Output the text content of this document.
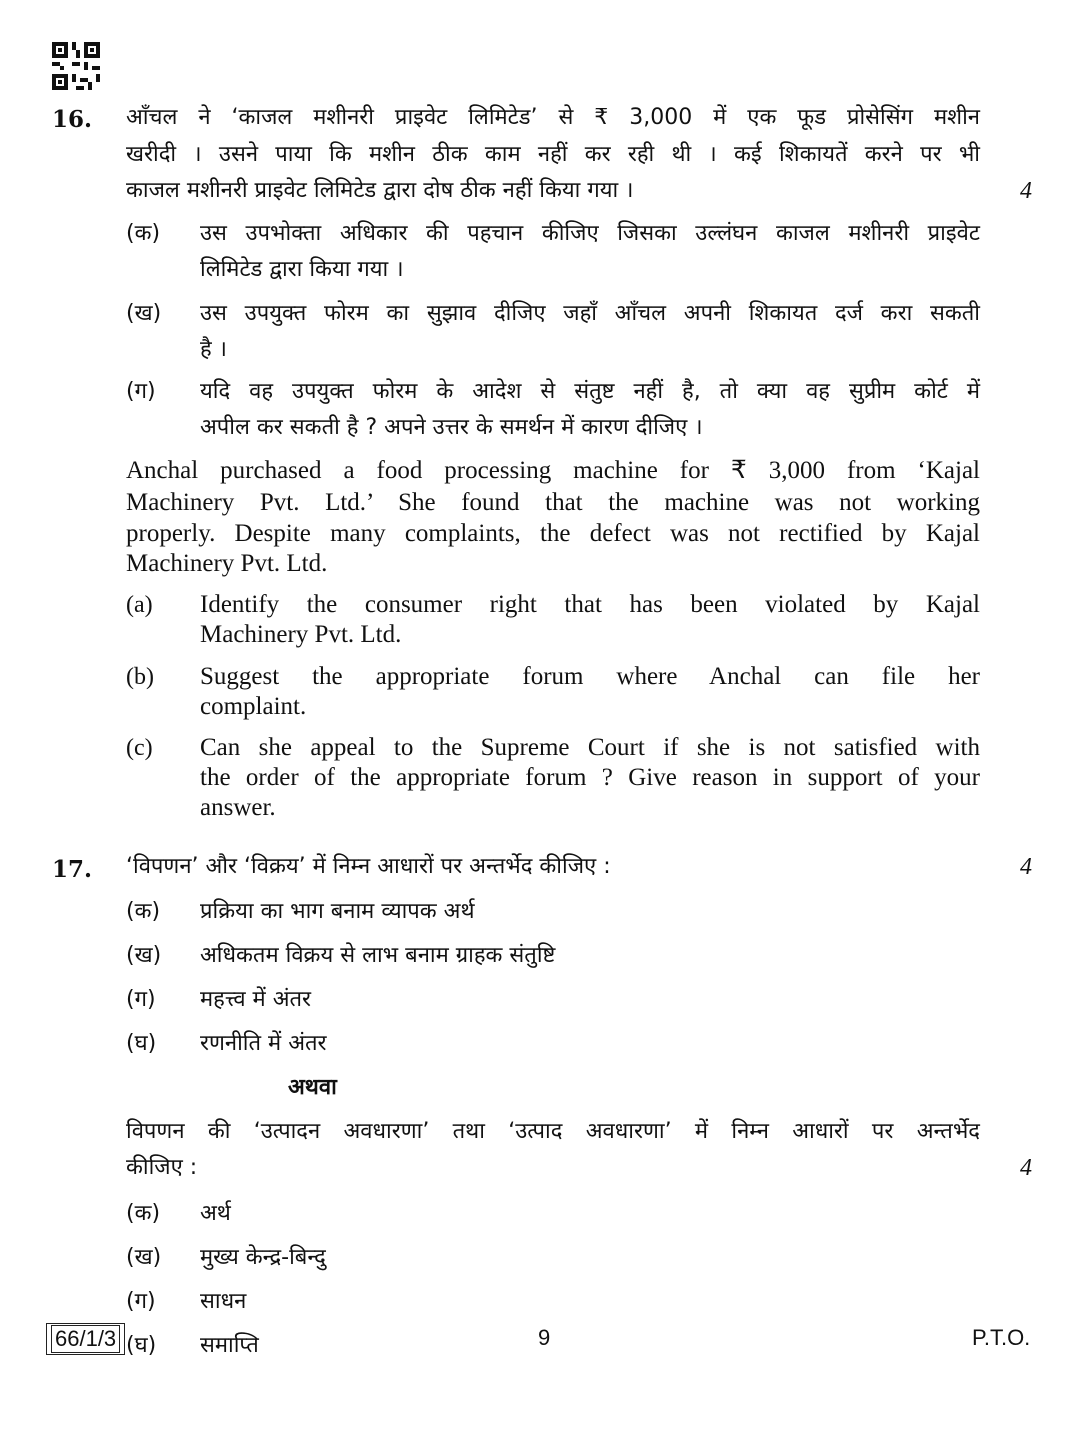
16. आँचल ने ‘काजल मशीनरी प्राइवेट लिमिटेड’ से ₹ 3,000 में एक फूड प्रोसेसिंग मशीन
खरीदी । उसने पाया कि मशीन ठीक काम नहीं कर रही थी । कई शिकायतें करने पर भी
काजल मशीनरी प्राइवेट लिमिटेड द्वारा दोष ठीक नहीं किया गया ।	4
(क) उस उपभोक्ता अधिकार की पहचान कीजिए जिसका उल्लंघन काजल मशीनरी प्राइवेट
लिमिटेड द्वारा किया गया ।
(ख) उस उपयुक्त फोरम का सुझाव दीजिए जहाँ आँचल अपनी शिकायत दर्ज करा सकती
है ।
(ग) यदि वह उपयुक्त फोरम के आदेश से संतुष्ट नहीं है, तो क्या वह सुप्रीम कोर्ट में
अपील कर सकती है ? अपने उत्तर के समर्थन में कारण दीजिए ।
Anchal purchased a food processing machine for ₹ 3,000 from ‘Kajal
Machinery Pvt. Ltd.’ She found that the machine was not working
properly. Despite many complaints, the defect was not rectified by Kajal
Machinery Pvt. Ltd.
(a) Identify the consumer right that has been violated by Kajal
Machinery Pvt. Ltd.
(b) Suggest the appropriate forum where Anchal can file her
complaint.
(c) Can she appeal to the Supreme Court if she is not satisfied with
the order of the appropriate forum ? Give reason in support of your
answer.
17. ‘विपणन’ और ‘विक्रय’ में निम्न आधारों पर अन्तर्भेद कीजिए :	4
(क) प्रक्रिया का भाग बनाम व्यापक अर्थ
(ख) अधिकतम विक्रय से लाभ बनाम ग्राहक संतुष्टि
(ग) महत्त्व में अंतर
(घ) रणनीति में अंतर
अथवा
विपणन की ‘उत्पादन अवधारणा’ तथा ‘उत्पाद अवधारणा’ में निम्न आधारों पर अन्तर्भेद
कीजिए :	4
(क) अर्थ
(ख) मुख्य केन्द्र-बिन्दु
(ग) साधन
(घ) समाप्ति
66/1/3	9	P.T.O.
